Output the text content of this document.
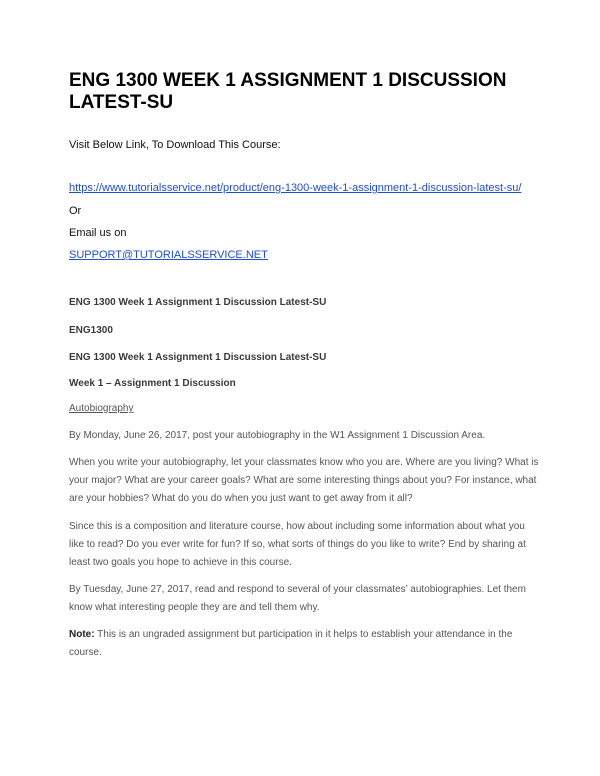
ENG 1300 WEEK 1 ASSIGNMENT 1 DISCUSSION LATEST-SU

Visit Below Link, To Download This Course:

https://www.tutorialsservice.net/product/eng-1300-week-1-assignment-1-discussion-latest-su/

Or

Email us on

SUPPORT@TUTORIALSSERVICE.NET

ENG 1300 Week 1 Assignment 1 Discussion Latest-SU

ENG1300

ENG 1300 Week 1 Assignment 1 Discussion Latest-SU

Week 1 – Assignment 1 Discussion

Autobiography

By Monday, June 26, 2017, post your autobiography in the W1 Assignment 1 Discussion Area.

When you write your autobiography, let your classmates know who you are. Where are you living? What is your major? What are your career goals? What are some interesting things about you? For instance, what are your hobbies? What do you do when you just want to get away from it all?

Since this is a composition and literature course, how about including some information about what you like to read? Do you ever write for fun? If so, what sorts of things do you like to write? End by sharing at least two goals you hope to achieve in this course.

By Tuesday, June 27, 2017, read and respond to several of your classmates’ autobiographies. Let them know what interesting people they are and tell them why.

Note: This is an ungraded assignment but participation in it helps to establish your attendance in the course.
